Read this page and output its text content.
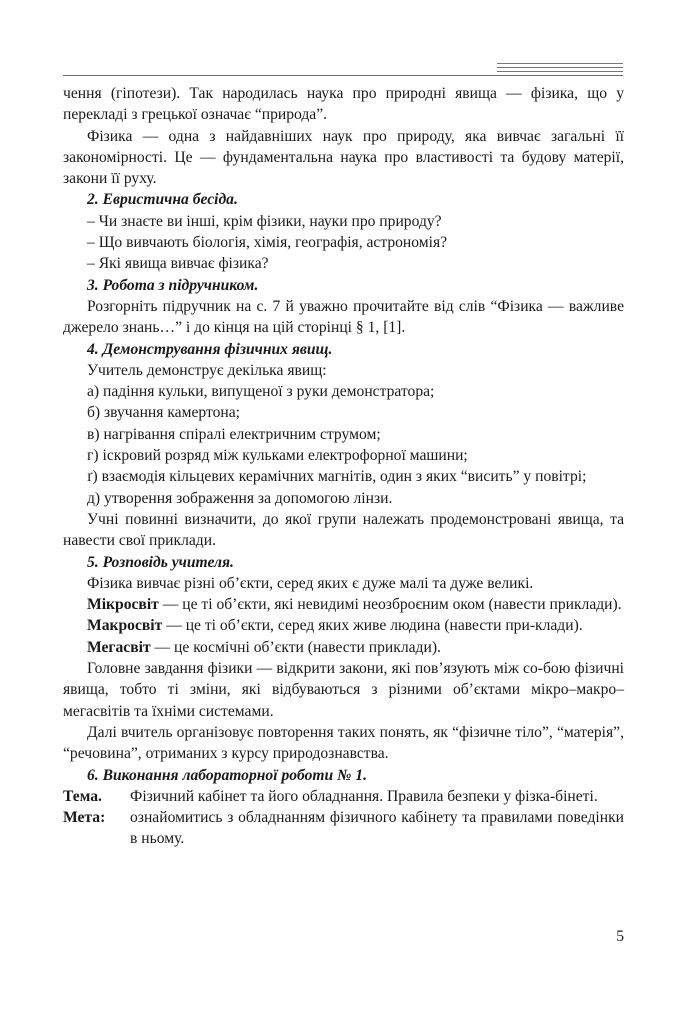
чення (гіпотези). Так народилась наука про природні явища — фізика, що у перекладі з грецької означає “природа”.

Фізика — одна з найдавніших наук про природу, яка вивчає загальні її закономірності. Це — фундаментальна наука про властивості та будову матерії, закони її руху.

2. Евристична бесіда.

– Чи знаєте ви інші, крім фізики, науки про природу?

– Що вивчають біологія, хімія, географія, астрономія?

– Які явища вивчає фізика?

3. Робота з підручником.

Розгорніть підручник на с. 7 й уважно прочитайте від слів “Фізика — важливе джерело знань…” і до кінця на цій сторінці § 1, [1].

4. Демонстрування фізичних явищ.

Учитель демонструє декілька явищ:

а) падіння кульки, випущеної з руки демонстратора;

б) звучання камертона;

в) нагрівання спіралі електричним струмом;

г) іскровий розряд між кульками електрофорної машини;

ґ) взаємодія кільцевих керамічних магнітів, один з яких “висить” у повітрі;

д) утворення зображення за допомогою лінзи.

Учні повинні визначити, до якої групи належать продемонстровані явища, та навести свої приклади.

5. Розповідь учителя.

Фізика вивчає різні об’єкти, серед яких є дуже малі та дуже великі.

Мікросвіт — це ті об’єкти, які невидимі неозброєним оком (навести приклади).

Макросвіт — це ті об’єкти, серед яких живе людина (навести при-клади).

Мегасвіт — це космічні об’єкти (навести приклади).

Головне завдання фізики — відкрити закони, які пов’язують між со-бою фізичні явища, тобто ті зміни, які відбуваються з різними об’єктами мікро–макро–мегасвітів та їхніми системами.

Далі вчитель організовує повторення таких понять, як “фізичне тіло”, “матерія”, “речовина”, отриманих з курсу природознавства.

6. Виконання лабораторної роботи № 1.

Тема.	Фізичний кабінет та його обладнання. Правила безпеки у фізка-бінеті.
Мета:	ознайомитись з обладнанням фізичного кабінету та правилами поведінки в ньому.
5
